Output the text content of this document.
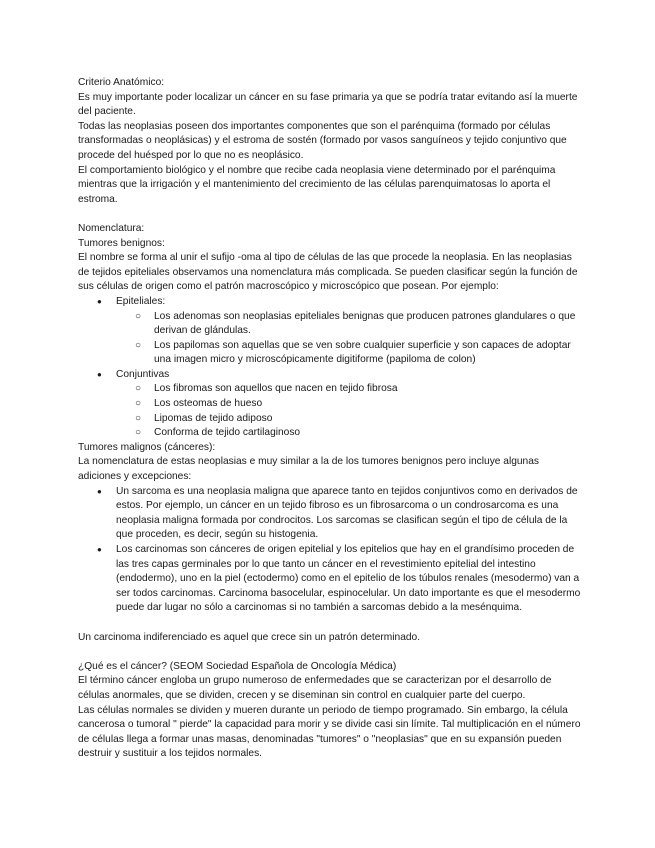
Criterio Anatómico:

Es muy importante poder localizar un cáncer en su fase primaria ya que se podría tratar evitando así la muerte del paciente.

Todas las neoplasias poseen dos importantes componentes que son el parénquima (formado por células transformadas o neoplásicas) y el estroma de sostén (formado por vasos sanguíneos y tejido conjuntivo que procede del huésped por lo que no es neoplásico.

El comportamiento biológico y el nombre que recibe cada neoplasia viene determinado por el parénquima mientras que la irrigación y el mantenimiento del crecimiento de las células parenquimatosas lo aporta el estroma.

Nomenclatura:

Tumores benignos:

El nombre se forma al unir el sufijo -oma al tipo de células de las que procede la neoplasia. En las neoplasias de tejidos epiteliales observamos una nomenclatura más complicada. Se pueden clasificar según la función de sus células de origen como el patrón macroscópico y microscópico que posean. Por ejemplo:

● Epiteliales:
○ Los adenomas son neoplasias epiteliales benignas que producen patrones glandulares o que derivan de glándulas.
○ Los papilomas son aquellas que se ven sobre cualquier superficie y son capaces de adoptar una imagen micro y microscópicamente digitiforme (papiloma de colon)
● Conjuntivas
○ Los fibromas son aquellos que nacen en tejido fibrosa
○ Los osteomas de hueso
○ Lipomas de tejido adiposo
○ Conforma de tejido cartilaginoso

Tumores malignos (cánceres):

La nomenclatura de estas neoplasias e muy similar a la de los tumores benignos pero incluye algunas adiciones y excepciones:

● Un sarcoma es una neoplasia maligna que aparece tanto en tejidos conjuntivos como en derivados de estos. Por ejemplo, un cáncer en un tejido fibroso es un fibrosarcoma o un condrosarcoma es una neoplasia maligna formada por condrocitos. Los sarcomas se clasifican según el tipo de célula de la que proceden, es decir, según su histogenia.
● Los carcinomas son cánceres de origen epitelial y los epitelios que hay en el grandísimo proceden de las tres capas germinales por lo que tanto un cáncer en el revestimiento epitelial del intestino (endodermo), uno en la piel (ectodermo) como en el epitelio de los túbulos renales (mesodermo) van a ser todos carcinomas. Carcinoma basocelular, espinocelular. Un dato importante es que el mesodermo puede dar lugar no sólo a carcinomas si no también a sarcomas debido a la mesénquima.

Un carcinoma indiferenciado es aquel que crece sin un patrón determinado.

¿Qué es el cáncer? (SEOM Sociedad Española de Oncología Médica)

El término cáncer engloba un grupo numeroso de enfermedades que se caracterizan por el desarrollo de células anormales, que se dividen, crecen y se diseminan sin control en cualquier parte del cuerpo.

Las células normales se dividen y mueren durante un periodo de tiempo programado. Sin embargo, la célula cancerosa o tumoral " pierde" la capacidad para morir y se divide casi sin límite. Tal multiplicación en el número de células llega a formar unas masas, denominadas "tumores" o "neoplasias" que en su expansión pueden destruir y sustituir a los tejidos normales.
